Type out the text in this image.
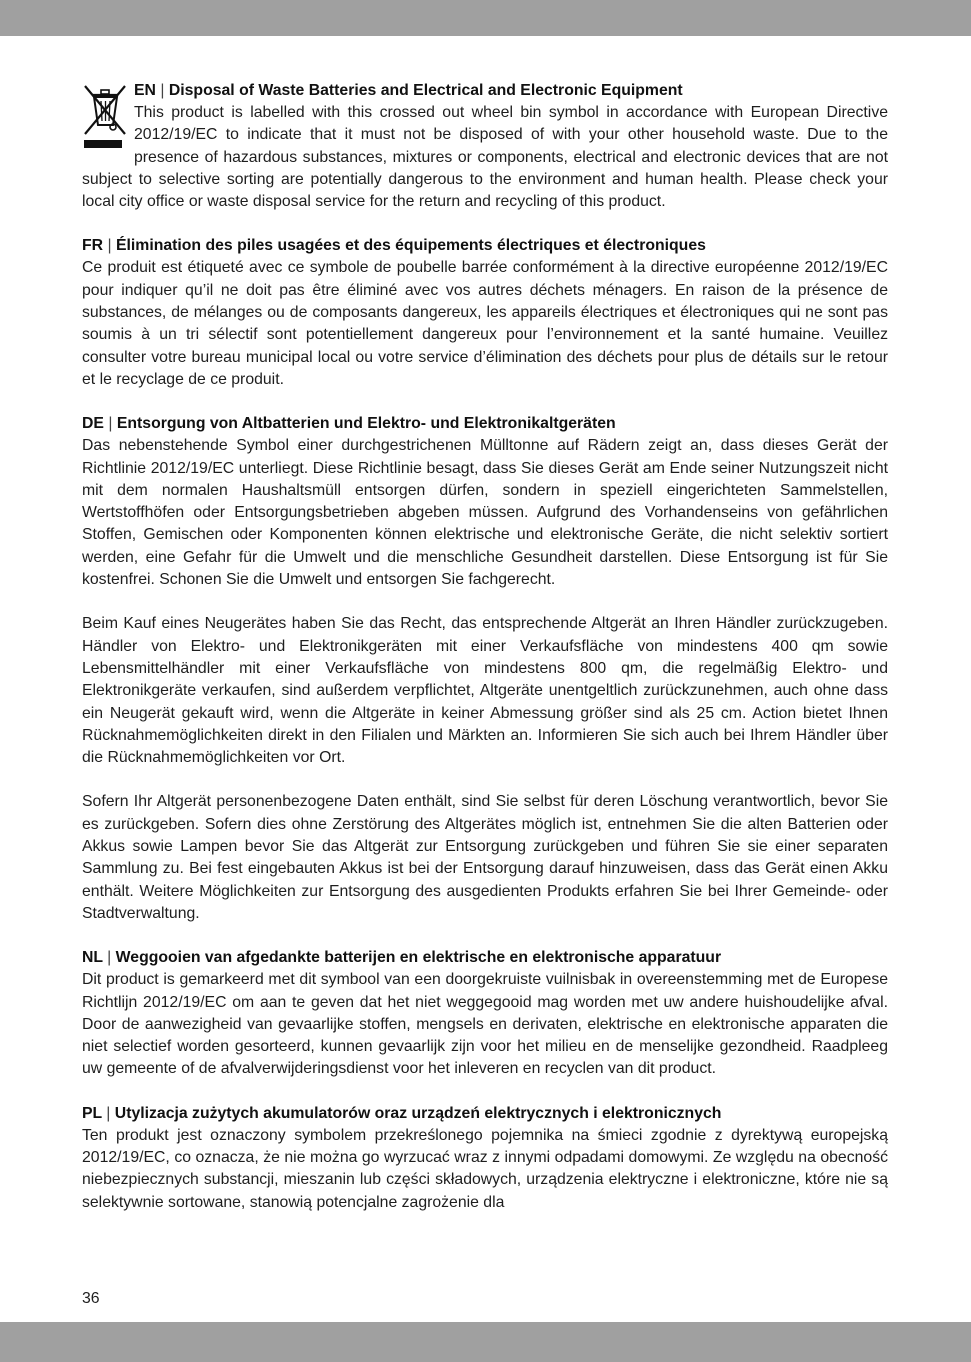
EN | Disposal of Waste Batteries and Electrical and Electronic Equipment

This product is labelled with this crossed out wheel bin symbol in accordance with European Directive 2012/19/EC to indicate that it must not be disposed of with your other household waste. Due to the presence of hazardous substances, mixtures or components, electrical and electronic devices that are not subject to selective sorting are potentially dangerous to the environment and human health. Please check your local city office or waste disposal service for the return and recycling of this product.

FR | Élimination des piles usagées et des équipements électriques et électroniques

Ce produit est étiqueté avec ce symbole de poubelle barrée conformément à la directive européenne 2012/19/EC pour indiquer qu’il ne doit pas être éliminé avec vos autres déchets ménagers. En raison de la présence de substances, de mélanges ou de composants dangereux, les appareils électriques et électroniques qui ne sont pas soumis à un tri sélectif sont potentiellement dangereux pour l’environnement et la santé humaine. Veuillez consulter votre bureau municipal local ou votre service d’élimination des déchets pour plus de détails sur le retour et le recyclage de ce produit.

DE | Entsorgung von Altbatterien und Elektro- und Elektronikaltgeräten

Das nebenstehende Symbol einer durchgestrichenen Mülltonne auf Rädern zeigt an, dass dieses Gerät der Richtlinie 2012/19/EC unterliegt. Diese Richtlinie besagt, dass Sie dieses Gerät am Ende seiner Nutzungszeit nicht mit dem normalen Haushaltsmüll entsorgen dürfen, sondern in speziell eingerichteten Sammelstellen, Wertstoffhöfen oder Entsorgungsbetrieben abgeben müssen. Aufgrund des Vorhandenseins von gefährlichen Stoffen, Gemischen oder Komponenten können elektrische und elektronische Geräte, die nicht selektiv sortiert werden, eine Gefahr für die Umwelt und die menschliche Gesundheit darstellen. Diese Entsorgung ist für Sie kostenfrei. Schonen Sie die Umwelt und entsorgen Sie fachgerecht.

Beim Kauf eines Neugerätes haben Sie das Recht, das entsprechende Altgerät an Ihren Händler zurückzugeben. Händler von Elektro- und Elektronikgeräten mit einer Verkaufsfläche von mindestens 400 qm sowie Lebensmittelhändler mit einer Verkaufsfläche von mindestens 800 qm, die regelmäßig Elektro- und Elektronikgeräte verkaufen, sind außerdem verpflichtet, Altgeräte unentgeltlich zurückzunehmen, auch ohne dass ein Neugerät gekauft wird, wenn die Altgeräte in keiner Abmessung größer sind als 25 cm. Action bietet Ihnen Rücknahmemöglichkeiten direkt in den Filialen und Märkten an. Informieren Sie sich auch bei Ihrem Händler über die Rücknahmemöglichkeiten vor Ort.

Sofern Ihr Altgerät personenbezogene Daten enthält, sind Sie selbst für deren Löschung verantwortlich, bevor Sie es zurückgeben. Sofern dies ohne Zerstörung des Altgerätes möglich ist, entnehmen Sie die alten Batterien oder Akkus sowie Lampen bevor Sie das Altgerät zur Entsorgung zurückgeben und führen Sie sie einer separaten Sammlung zu. Bei fest eingebauten Akkus ist bei der Entsorgung darauf hinzuweisen, dass das Gerät einen Akku enthält. Weitere Möglichkeiten zur Entsorgung des ausgedienten Produkts erfahren Sie bei Ihrer Gemeinde- oder Stadtverwaltung.

NL | Weggooien van afgedankte batterijen en elektrische en elektronische apparatuur

Dit product is gemarkeerd met dit symbool van een doorgekruiste vuilnisbak in overeenstemming met de Europese Richtlijn 2012/19/EC om aan te geven dat het niet weggegooid mag worden met uw andere huishoudelijke afval. Door de aanwezigheid van gevaarlijke stoffen, mengsels en derivaten, elektrische en elektronische apparaten die niet selectief worden gesorteerd, kunnen gevaarlijk zijn voor het milieu en de menselijke gezondheid. Raadpleeg uw gemeente of de afvalverwijderingsdienst voor het inleveren en recyclen van dit product.

PL | Utylizacja zużytych akumulatorów oraz urządzeń elektrycznych i elektronicznych

Ten produkt jest oznaczony symbolem przekreślonego pojemnika na śmieci zgodnie z dyrektywą europejską 2012/19/EC, co oznacza, że nie można go wyrzucać wraz z innymi odpadami domowymi. Ze względu na obecność niebezpiecznych substancji, mieszanin lub części składowych, urządzenia elektryczne i elektroniczne, które nie są selektywnie sortowane, stanowią potencjalne zagrożenie dla

36
